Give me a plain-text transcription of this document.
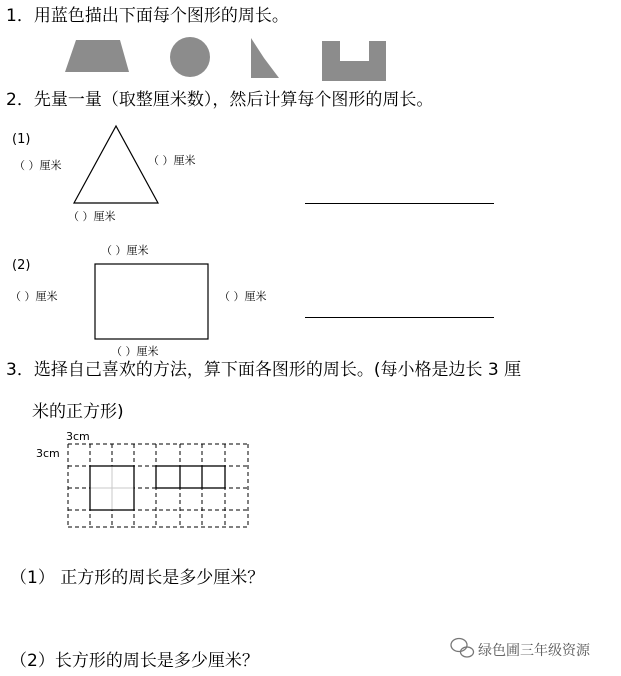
1．用蓝色描出下面每个图形的周长。
2．先量一量（取整厘米数），然后计算每个图形的周长。
(1)
（ ）厘米	（ ）厘米
（ ）厘米
(2)
（ ）厘米
（ ）厘米	（ ）厘米
（ ）厘米
3．选择自己喜欢的方法，算下面各图形的周长。(每小格是边长 3 厘
米的正方形)
3cm
3cm
（1） 正方形的周长是多少厘米？
（2）长方形的周长是多少厘米？	绿色圃三年级资源
